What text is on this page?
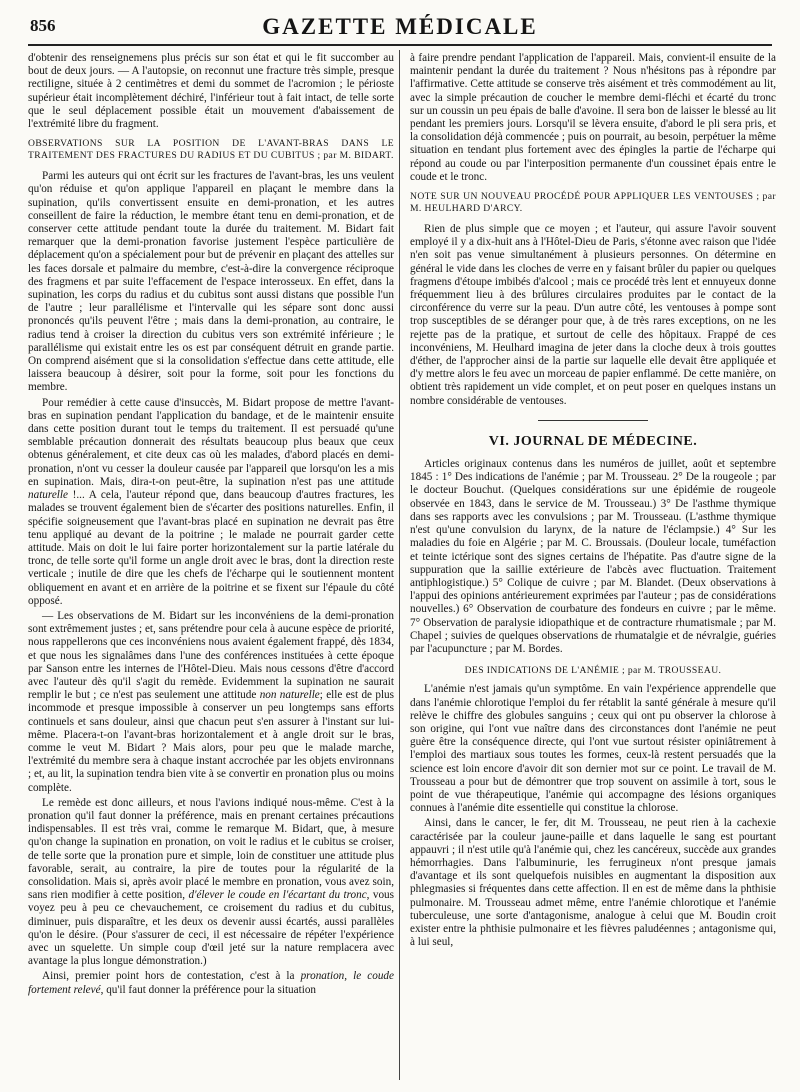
856	GAZETTE MÉDICALE

d'obtenir des renseignemens plus précis sur son état et qui le fit succomber au bout de deux jours. — A l'autopsie, on reconnut une fracture très simple, presque rectiligne, située à 2 centimètres et demi du sommet de l'acromion ; le périoste supérieur était incomplètement déchiré, l'inférieur tout à fait intact, de telle sorte que le seul déplacement possible était un mouvement d'abaissement de l'extrémité libre du fragment.

OBSERVATIONS SUR LA POSITION DE L'AVANT-BRAS DANS LE TRAITEMENT DES FRACTURES DU RADIUS ET DU CUBITUS ; par M. BIDART.

Parmi les auteurs qui ont écrit sur les fractures de l'avant-bras, les uns veulent qu'on réduise et qu'on applique l'appareil en plaçant le membre dans la supination, qu'ils convertissent ensuite en demi-pronation, et les autres conseillent de faire la réduction, le membre étant tenu en demi-pronation, et de conserver cette attitude pendant toute la durée du traitement. M. Bidart fait remarquer que la demi-pronation favorise justement l'espèce particulière de déplacement qu'on a spécialement pour but de prévenir en plaçant des attelles sur les faces dorsale et palmaire du membre, c'est-à-dire la convergence réciproque des fragmens et par suite l'effacement de l'espace interosseux. En effet, dans la supination, les corps du radius et du cubitus sont aussi distans que possible l'un de l'autre ; leur parallélisme et l'intervalle qui les sépare sont donc aussi prononcés qu'ils peuvent l'être ; mais dans la demi-pronation, au contraire, le radius tend à croiser la direction du cubitus vers son extrémité inférieure ; le parallélisme qui existait entre les os est par conséquent détruit en grande partie. On comprend aisément que si la consolidation s'effectue dans cette attitude, elle laissera beaucoup à désirer, soit pour la forme, soit pour les fonctions du membre.

Pour remédier à cette cause d'insuccès, M. Bidart propose de mettre l'avant-bras en supination pendant l'application du bandage, et de le maintenir ensuite dans cette position durant tout le temps du traitement. Il est persuadé qu'une semblable précaution donnerait des résultats beaucoup plus beaux que ceux obtenus généralement, et cite deux cas où les malades, d'abord placés en demi-pronation, n'ont vu cesser la douleur causée par l'appareil que lorsqu'on les a mis en supination. Mais, dira-t-on peut-être, la supination n'est pas une attitude naturelle !... A cela, l'auteur répond que, dans beaucoup d'autres fractures, les malades se trouvent également bien de s'écarter des positions naturelles. Enfin, il spécifie soigneusement que l'avant-bras placé en supination ne devrait pas être tenu appliqué au devant de la poitrine ; le malade ne pourrait garder cette attitude. Mais on doit le lui faire porter horizontalement sur la partie latérale du tronc, de telle sorte qu'il forme un angle droit avec le bras, dont la direction reste verticale ; inutile de dire que les chefs de l'écharpe qui le soutiennent montent obliquement en avant et en arrière de la poitrine et se fixent sur l'épaule du côté opposé.

— Les observations de M. Bidart sur les inconvéniens de la demi-pronation sont extrêmement justes ; et, sans prétendre pour cela à aucune espèce de priorité, nous rappellerons que ces inconvéniens nous avaient également frappé, dès 1834, et que nous les signalâmes dans l'une des conférences instituées à cette époque par Sanson entre les internes de l'Hôtel-Dieu. Mais nous cessons d'être d'accord avec l'auteur dès qu'il s'agit du remède. Evidemment la supination ne saurait remplir le but ; ce n'est pas seulement une attitude non naturelle; elle est de plus incommode et presque impossible à conserver un peu longtemps sans efforts continuels et sans douleur, ainsi que chacun peut s'en assurer à l'instant sur lui-même. Placera-t-on l'avant-bras horizontalement et à angle droit sur le bras, comme le veut M. Bidart ? Mais alors, pour peu que le malade marche, l'extrémité du membre sera à chaque instant accrochée par les objets environnans ; et, au lit, la supination tendra bien vite à se convertir en pronation plus ou moins complète.

Le remède est donc ailleurs, et nous l'avions indiqué nous-même. C'est à la pronation qu'il faut donner la préférence, mais en prenant certaines précautions indispensables. Il est très vrai, comme le remarque M. Bidart, que, à mesure qu'on change la supination en pronation, on voit le radius et le cubitus se croiser, de telle sorte que la pronation pure et simple, loin de constituer une attitude plus favorable, serait, au contraire, la pire de toutes pour la régularité de la consolidation. Mais si, après avoir placé le membre en pronation, vous avez soin, sans rien modifier à cette position, d'élever le coude en l'écartant du tronc, vous voyez peu à peu ce chevauchement, ce croisement du radius et du cubitus, diminuer, puis disparaître, et les deux os devenir aussi écartés, aussi parallèles qu'on le désire. (Pour s'assurer de ceci, il est nécessaire de répéter l'expérience avec un squelette. Un simple coup d'œil jeté sur la nature remplacera avec avantage la plus longue démonstration.)

Ainsi, premier point hors de contestation, c'est à la pronation, le coude fortement relevé, qu'il faut donner la préférence pour la situation

à faire prendre pendant l'application de l'appareil. Mais, convient-il ensuite de la maintenir pendant la durée du traitement ? Nous n'hésitons pas à répondre par l'affirmative. Cette attitude se conserve très aisément et très commodément au lit, avec la simple précaution de coucher le membre demi-fléchi et écarté du tronc sur un coussin un peu épais de balle d'avoine. Il sera bon de laisser le blessé au lit pendant les premiers jours. Lorsqu'il se lèvera ensuite, d'abord le pli sera pris, et la consolidation déjà commencée ; puis on pourrait, au besoin, perpétuer la même situation en tendant plus fortement avec des épingles la partie de l'écharpe qui répond au coude ou par l'interposition permanente d'un coussinet épais entre le coude et le tronc.

NOTE SUR UN NOUVEAU PROCÉDÉ POUR APPLIQUER LES VENTOUSES ; par M. HEULHARD D'ARCY.

Rien de plus simple que ce moyen ; et l'auteur, qui assure l'avoir souvent employé il y a dix-huit ans à l'Hôtel-Dieu de Paris, s'étonne avec raison que l'idée n'en soit pas venue simultanément à plusieurs personnes. On détermine en général le vide dans les cloches de verre en y faisant brûler du papier ou quelques fragmens d'étoupe imbibés d'alcool ; mais ce procédé très lent et ennuyeux donne fréquemment lieu à des brûlures circulaires produites par le contact de la circonférence du verre sur la peau. D'un autre côté, les ventouses à pompe sont trop susceptibles de se déranger pour que, à de très rares exceptions, on ne les rejette pas de la pratique, et surtout de celle des hôpitaux. Frappé de ces inconvéniens, M. Heulhard imagina de jeter dans la cloche deux à trois gouttes d'éther, de l'approcher ainsi de la partie sur laquelle elle devait être appliquée et d'y mettre alors le feu avec un morceau de papier enflammé. De cette manière, on obtient très rapidement un vide complet, et on peut poser en quelques instans un nombre considérable de ventouses.

VI. JOURNAL DE MÉDECINE.

Articles originaux contenus dans les numéros de juillet, août et septembre 1845 : 1° Des indications de l'anémie ; par M. Trousseau. 2° De la rougeole ; par le docteur Bouchut. (Quelques considérations sur une épidémie de rougeole observée en 1843, dans le service de M. Trousseau.) 3° De l'asthme thymique dans ses rapports avec les convulsions ; par M. Trousseau. (L'asthme thymique n'est qu'une convulsion du larynx, de la nature de l'éclampsie.) 4° Sur les maladies du foie en Algérie ; par M. C. Broussais. (Douleur locale, tuméfaction et teinte ictérique sont des signes certains de l'hépatite. Pas d'autre signe de la suppuration que la saillie extérieure de l'abcès avec fluctuation. Traitement antiphlogistique.) 5° Colique de cuivre ; par M. Blandet. (Deux observations à l'appui des opinions antérieurement exprimées par l'auteur ; pas de considérations nouvelles.) 6° Observation de courbature des fondeurs en cuivre ; par le même. 7° Observation de paralysie idiopathique et de contracture rhumatismale ; par M. Chapel ; suivies de quelques observations de rhumatalgie et de névralgie, guéries par l'acupuncture ; par M. Bordes.

DES INDICATIONS DE L'ANÉMIE ; par M. TROUSSEAU.

L'anémie n'est jamais qu'un symptôme. En vain l'expérience apprendelle que dans l'anémie chlorotique l'emploi du fer rétablit la santé générale à mesure qu'il relève le chiffre des globules sanguins ; ceux qui ont pu observer la chlorose à son origine, qui l'ont vue naître dans des circonstances dont l'anémie ne peut guère être la conséquence directe, qui l'ont vue surtout résister opiniâtrement à l'emploi des martiaux sous toutes les formes, ceux-là restent persuadés que la science est loin encore d'avoir dit son dernier mot sur ce point. Le travail de M. Trousseau a pour but de démontrer que trop souvent on assimile à tort, sous le point de vue thérapeutique, l'anémie qui accompagne des lésions organiques connues à l'anémie dite essentielle qui constitue la chlorose.

Ainsi, dans le cancer, le fer, dit M. Trousseau, ne peut rien à la cachexie caractérisée par la couleur jaune-paille et dans laquelle le sang est pourtant appauvri ; il n'est utile qu'à l'anémie qui, chez les cancéreux, succède aux grandes hémorrhagies. Dans l'albuminurie, les ferrugineux n'ont presque jamais d'avantage et ils sont quelquefois nuisibles en augmentant la disposition aux phlegmasies si fréquentes dans cette affection. Il en est de même dans la phthisie pulmonaire. M. Trousseau admet même, entre l'anémie chlorotique et l'anémie tuberculeuse, une sorte d'antagonisme, analogue à celui que M. Boudin croit exister entre la phthisie pulmonaire et les fièvres paludéennes ; antagonisme qui, à lui seul,
